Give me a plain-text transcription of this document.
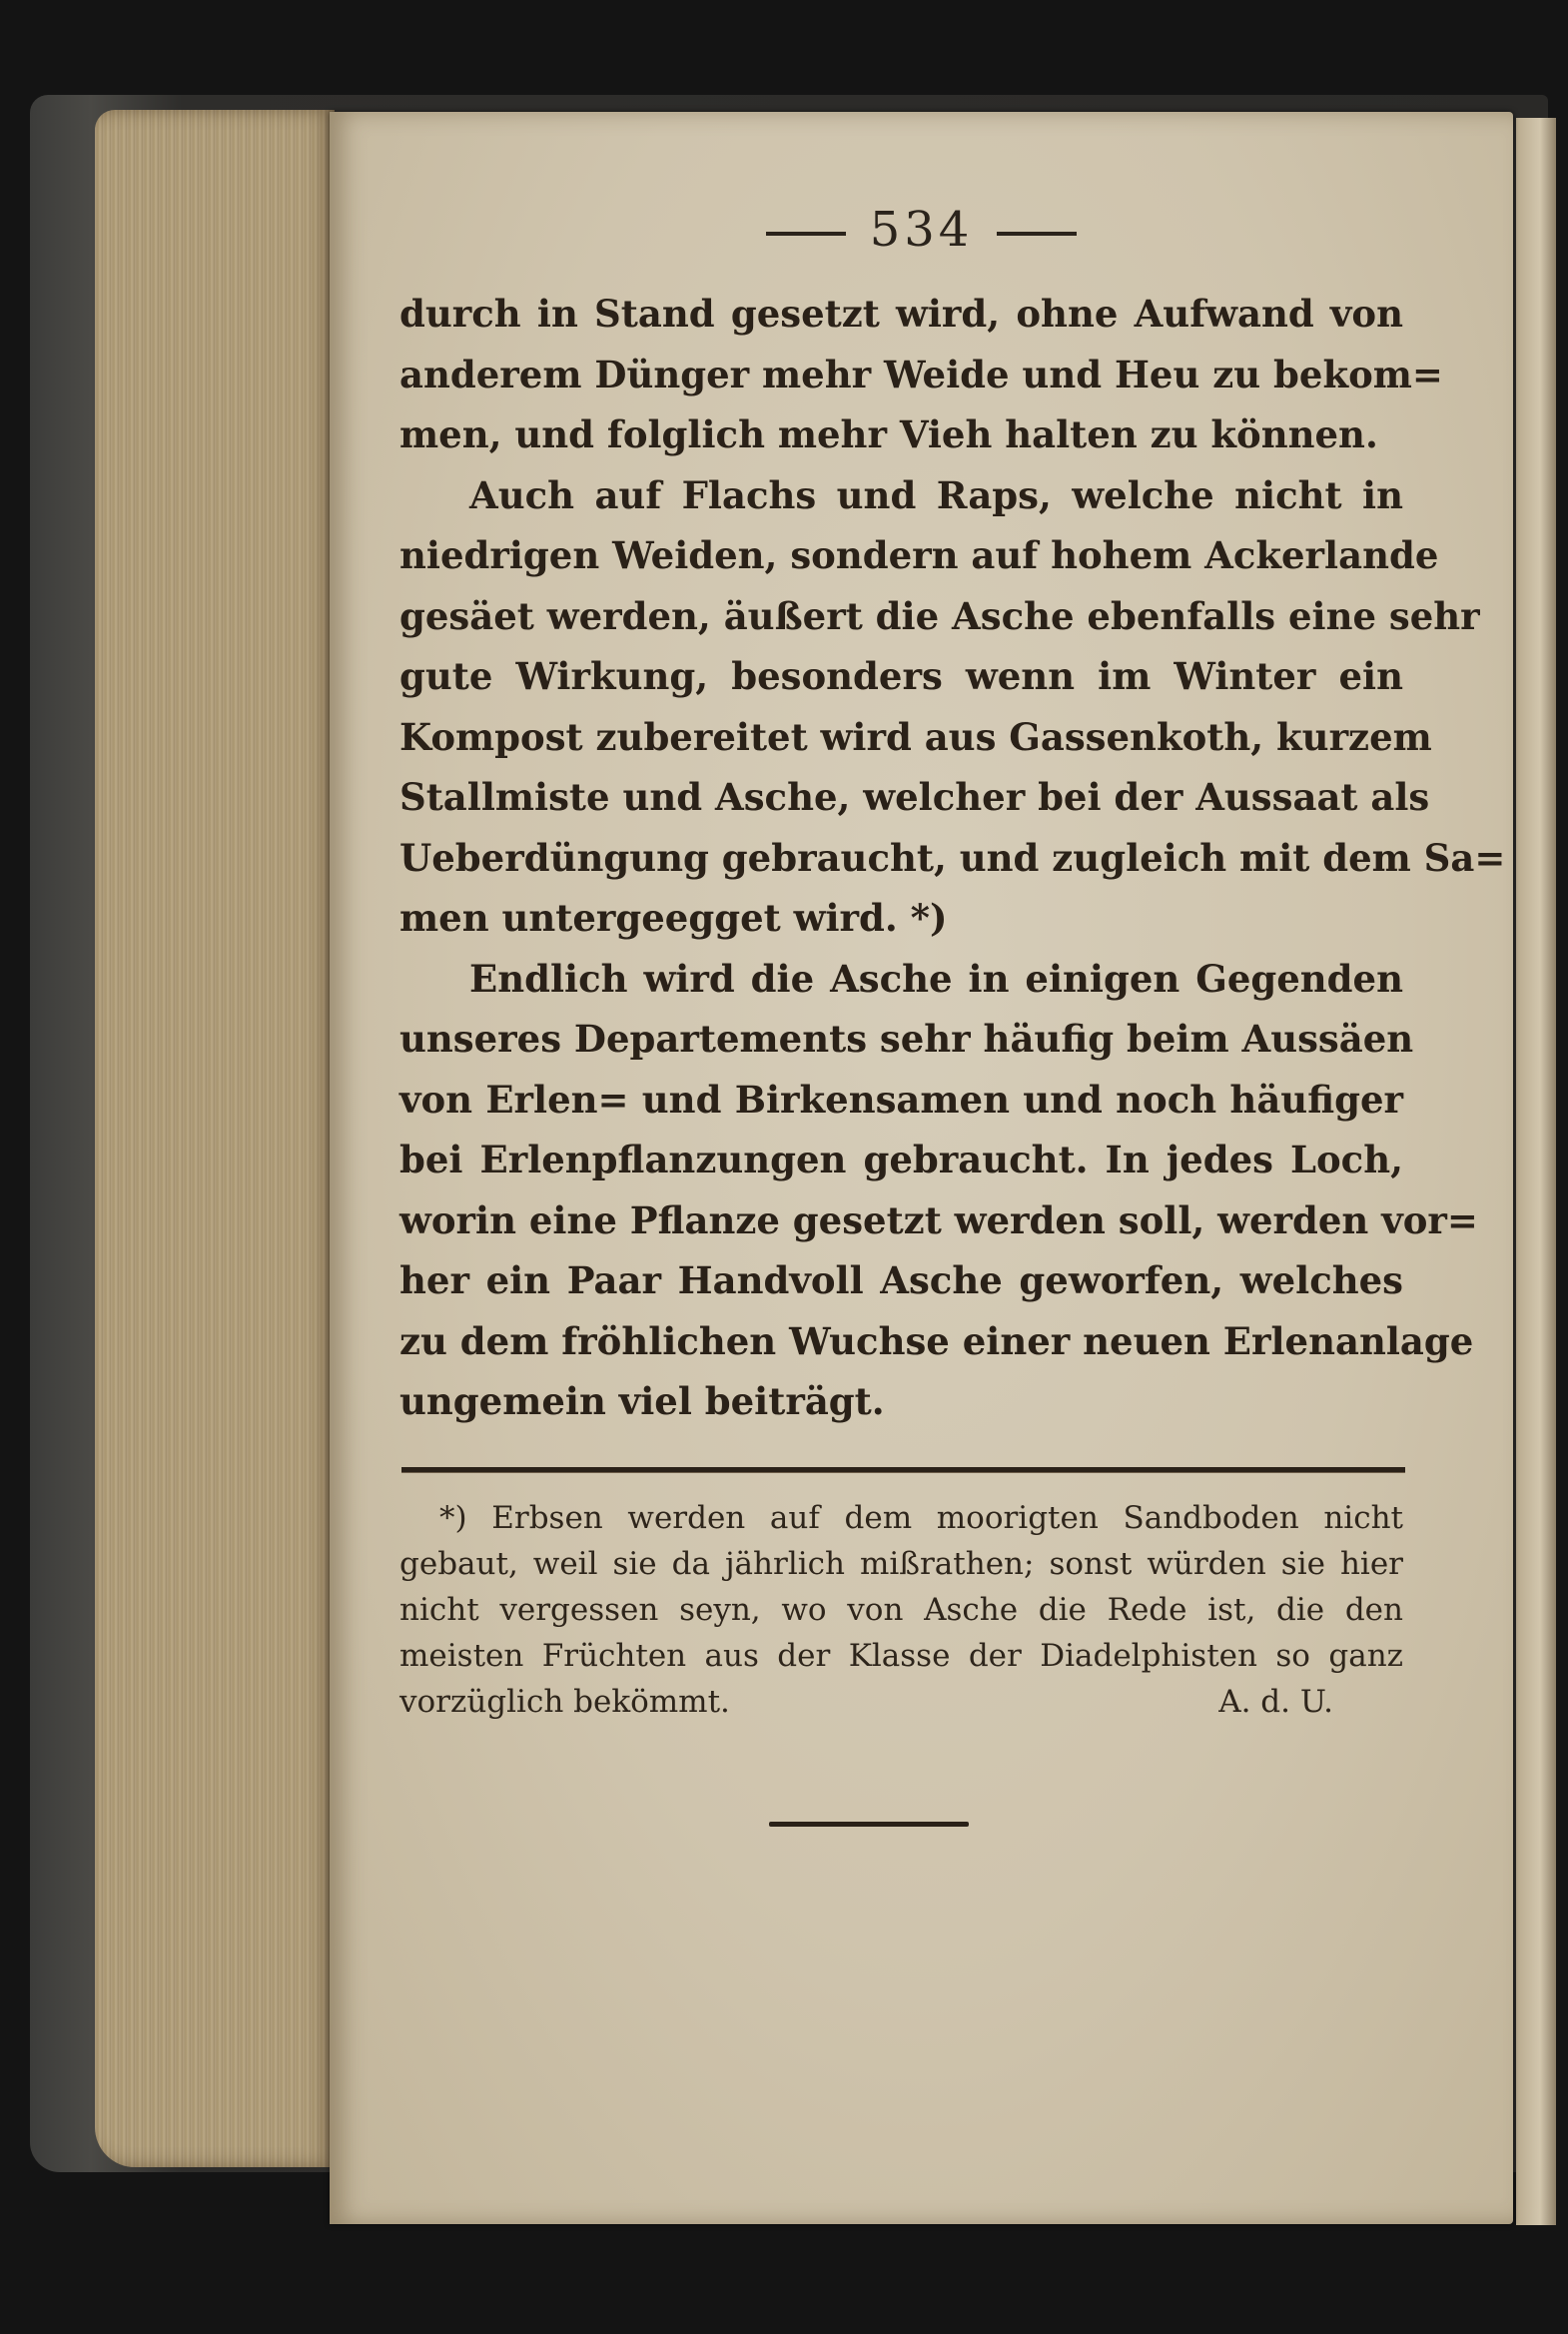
534
durch in Stand gesetzt wird, ohne Aufwand von
anderem Dünger mehr Weide und Heu zu bekom=
men, und folglich mehr Vieh halten zu können.
Auch auf Flachs und Raps, welche nicht in
niedrigen Weiden, sondern auf hohem Ackerlande
gesäet werden, äußert die Asche ebenfalls eine sehr
gute Wirkung, besonders wenn im Winter ein
Kompost zubereitet wird aus Gassenkoth, kurzem
Stallmiste und Asche, welcher bei der Aussaat als
Ueberdüngung gebraucht, und zugleich mit dem Sa=
men untergeegget wird. *)
Endlich wird die Asche in einigen Gegenden
unseres Departements sehr häufig beim Aussäen
von Erlen= und Birkensamen und noch häufiger
bei Erlenpflanzungen gebraucht. In jedes Loch,
worin eine Pflanze gesetzt werden soll, werden vor=
her ein Paar Handvoll Asche geworfen, welches
zu dem fröhlichen Wuchse einer neuen Erlenanlage
ungemein viel beiträgt.
*) Erbsen werden auf dem moorigten Sandboden nicht
gebaut, weil sie da jährlich mißrathen; sonst würden sie hier
nicht vergessen seyn, wo von Asche die Rede ist, die den
meisten Früchten aus der Klasse der Diadelphisten so ganz
vorzüglich bekömmt.	A. d. U.
